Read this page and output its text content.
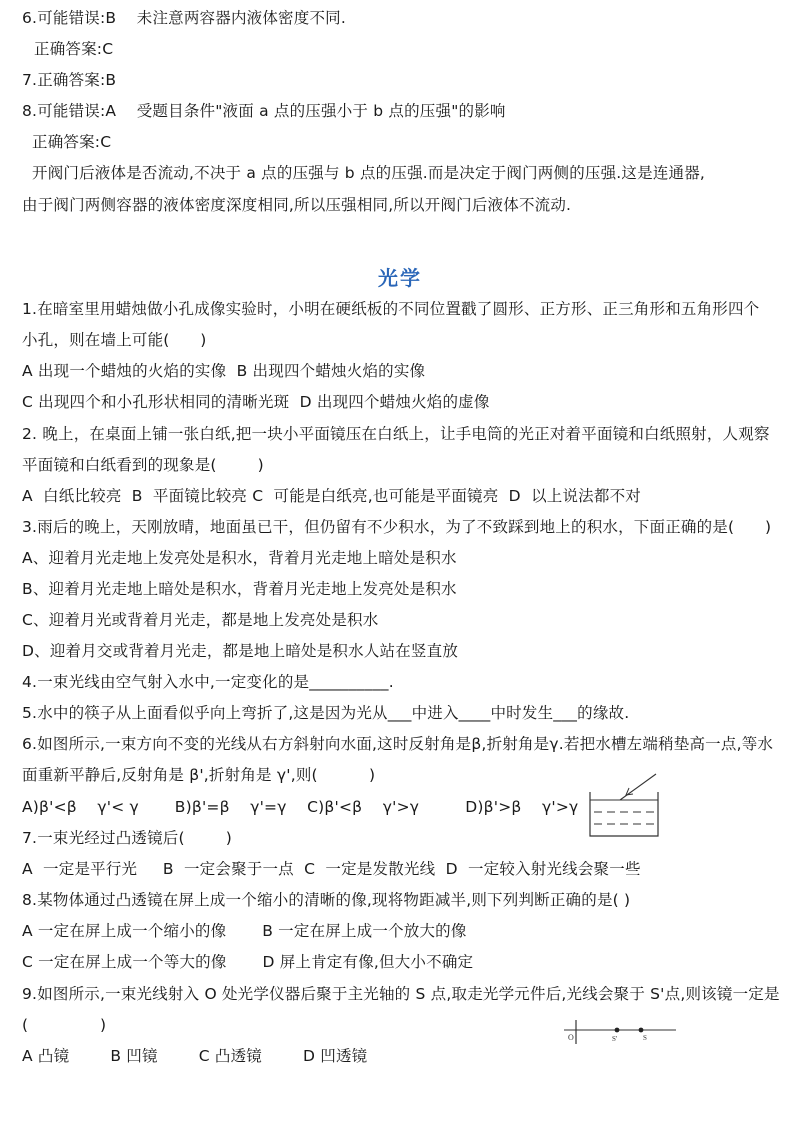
6.可能错误:B    未注意两容器内液体密度不同.
正确答案:C
7.正确答案:B
8.可能错误:A    受题目条件"液面 a 点的压强小于 b 点的压强"的影响
正确答案:C
开阀门后液体是否流动,不决于 a 点的压强与 b 点的压强.而是决定于阀门两侧的压强.这是连通器,
由于阀门两侧容器的液体密度深度相同,所以压强相同,所以开阀门后液体不流动.
光学
1.在暗室里用蜡烛做小孔成像实验时，小明在硬纸板的不同位置戳了圆形、正方形、正三角形和五角形四个
小孔，则在墙上可能(      )
A 出现一个蜡烛的火焰的实像  B 出现四个蜡烛火焰的实像
C 出现四个和小孔形状相同的清晰光斑  D 出现四个蜡烛火焰的虚像
2. 晚上，在桌面上铺一张白纸,把一块小平面镜压在白纸上，让手电筒的光正对着平面镜和白纸照射，人观察
平面镜和白纸看到的现象是(        )
A  白纸比较亮  B  平面镜比较亮 C  可能是白纸亮,也可能是平面镜亮  D  以上说法都不对
3.雨后的晚上，天刚放晴，地面虽已干，但仍留有不少积水，为了不致踩到地上的积水，下面正确的是(      )
A、迎着月光走地上发亮处是积水，背着月光走地上暗处是积水
B、迎着月光走地上暗处是积水，背着月光走地上发亮处是积水
C、迎着月光或背着月光走，都是地上发亮处是积水
D、迎着月交或背着月光走，都是地上暗处是积水人站在竖直放
4.一束光线由空气射入水中,一定变化的是__________.
5.水中的筷子从上面看似乎向上弯折了,这是因为光从___中进入____中时发生___的缘故.
6.如图所示,一束方向不变的光线从右方斜射向水面,这时反射角是β,折射角是γ.若把水槽左端稍垫高一点,等水
面重新平静后,反射角是 β',折射角是 γ',则(          )
A)β'<β    γ'< γ       B)β'=β    γ'=γ    C)β'<β    γ'>γ         D)β'>β    γ'>γ
7.一束光经过凸透镜后(        )
A  一定是平行光     B  一定会聚于一点  C  一定是发散光线  D  一定较入射光线会聚一些
8.某物体通过凸透镜在屏上成一个缩小的清晰的像,现将物距减半,则下列判断正确的是( )
A 一定在屏上成一个缩小的像       B 一定在屏上成一个放大的像
C 一定在屏上成一个等大的像       D 屏上肯定有像,但大小不确定
9.如图所示,一束光线射入 O 处光学仪器后聚于主光轴的 S 点,取走光学元件后,光线会聚于 S'点,则该镜一定是
(              )
A 凸镜        B 凹镜        C 凸透镜        D 凹透镜
O	S'	S
